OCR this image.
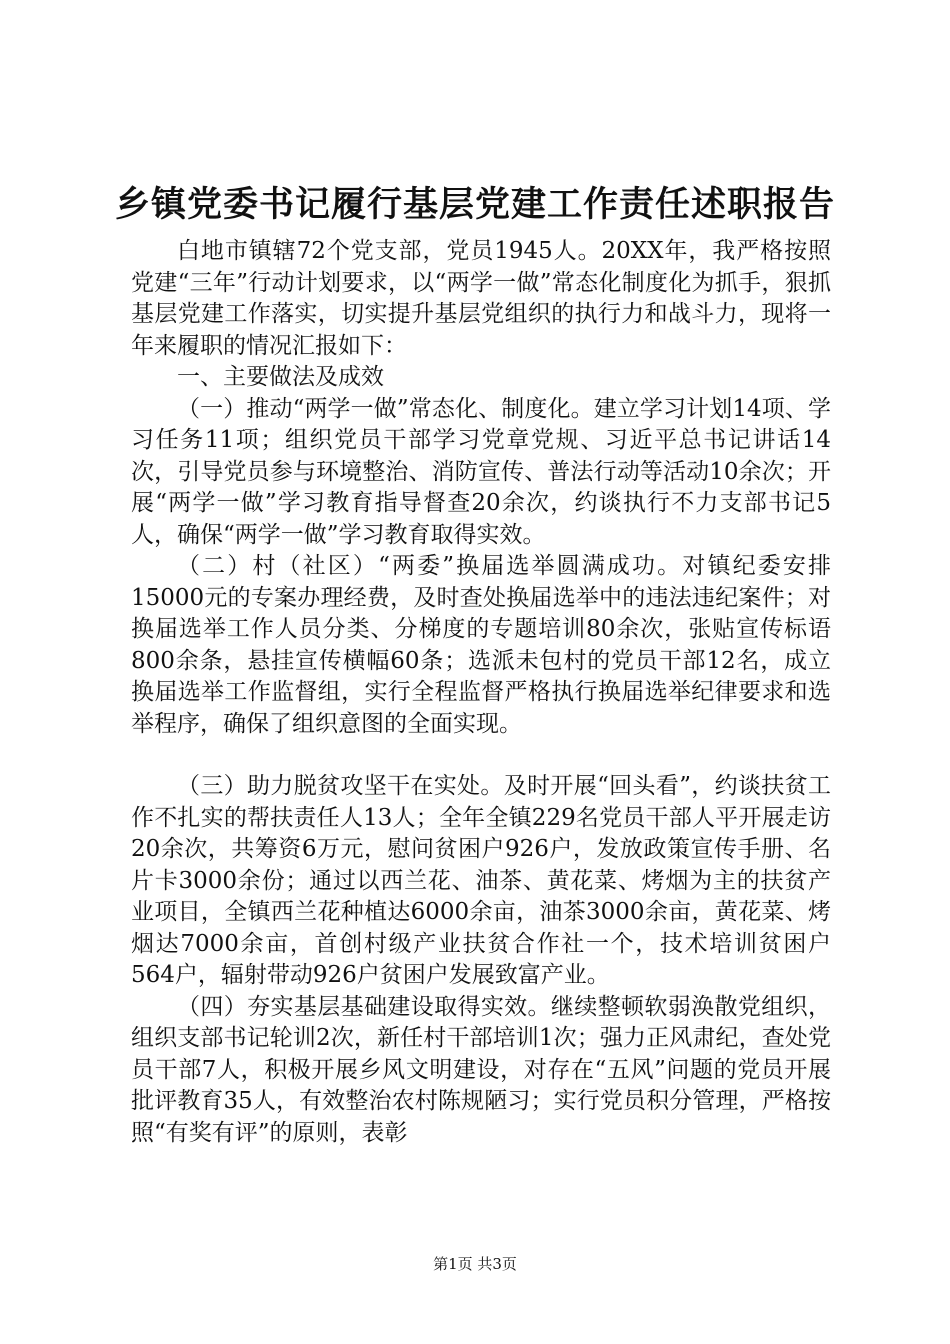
乡镇党委书记履行基层党建工作责任述职报告

白地市镇辖72个党支部，党员1945人。20XX年，我严格按照党建“三年”行动计划要求，以“两学一做”常态化制度化为抓手，狠抓基层党建工作落实，切实提升基层党组织的执行力和战斗力，现将一年来履职的情况汇报如下：

一、主要做法及成效

（一）推动“两学一做”常态化、制度化。建立学习计划14项、学习任务11项；组织党员干部学习党章党规、习近平总书记讲话14次，引导党员参与环境整治、消防宣传、普法行动等活动10余次；开展“两学一做”学习教育指导督查20余次，约谈执行不力支部书记5人，确保“两学一做”学习教育取得实效。

（二）村（社区）“两委”换届选举圆满成功。对镇纪委安排15000元的专案办理经费，及时查处换届选举中的违法违纪案件；对换届选举工作人员分类、分梯度的专题培训80余次，张贴宣传标语800余条，悬挂宣传横幅60条；选派未包村的党员干部12名，成立换届选举工作监督组，实行全程监督严格执行换届选举纪律要求和选举程序，确保了组织意图的全面实现。

（三）助力脱贫攻坚干在实处。及时开展“回头看”，约谈扶贫工作不扎实的帮扶责任人13人；全年全镇229名党员干部人平开展走访20余次，共筹资6万元，慰问贫困户926户，发放政策宣传手册、名片卡3000余份；通过以西兰花、油茶、黄花菜、烤烟为主的扶贫产业项目，全镇西兰花种植达6000余亩，油茶3000余亩，黄花菜、烤烟达7000余亩，首创村级产业扶贫合作社一个，技术培训贫困户564户，辐射带动926户贫困户发展致富产业。

（四）夯实基层基础建设取得实效。继续整顿软弱涣散党组织，组织支部书记轮训2次，新任村干部培训1次；强力正风肃纪，查处党员干部7人，积极开展乡风文明建设，对存在“五风”问题的党员开展批评教育35人，有效整治农村陈规陋习；实行党员积分管理，严格按照“有奖有评”的原则，表彰

第1页 共3页
